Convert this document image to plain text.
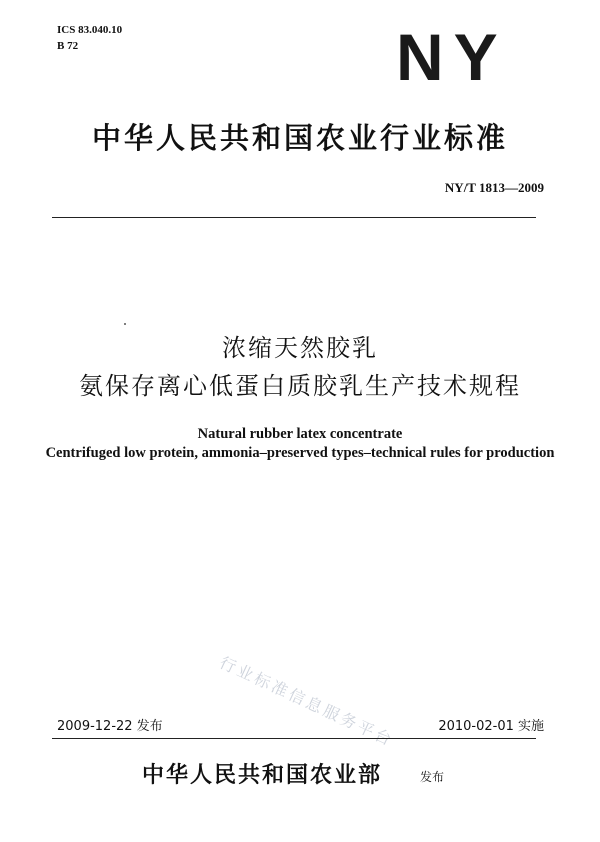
ICS 83.040.10
B 72	NY
中华人民共和国农业行业标准
NY/T 1813—2009
浓缩天然胶乳
氨保存离心低蛋白质胶乳生产技术规程
Natural rubber latex concentrate
Centrifuged low protein, ammonia–preserved types–technical rules for production
行业标准信息服务平台
2009-12-22 发布	2010-02-01 实施
中华人民共和国农业部	发布
